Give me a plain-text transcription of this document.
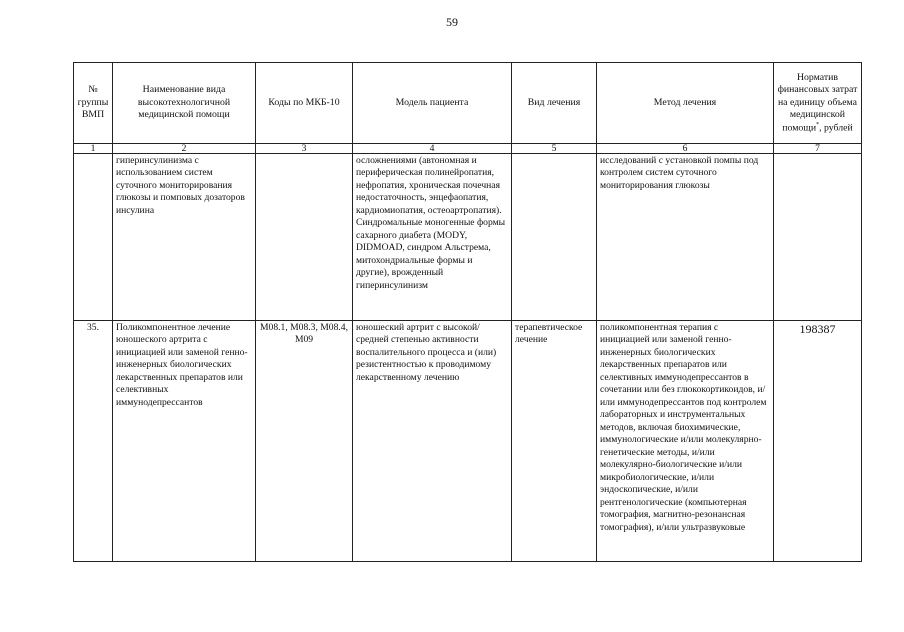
59
№ группы ВМП	Наименование вида высокотехнологичной медицинской помощи	Коды по МКБ-10	Модель пациента	Вид лечения	Метод лечения	Норматив финансовых затрат на единицу объема медицинской помощи*, рублей
1	2	3	4	5	6	7
	гиперинсулинизма с использованием систем суточного мониторирования глюкозы и помповых дозаторов инсулина		осложнениями (автономная и периферическая полинейропатия, нефропатия, хроническая почечная недостаточность, энцефаопатия, кардиомиопатия, остеоартропатия). Синдромальные моногенные формы сахарного диабета (MODY, DIDMOAD, синдром Альстрема, митохондриальные формы и другие), врожденный гиперинсулинизм		исследований с установкой помпы под контролем систем суточного мониторирования глюкозы	
35.	Поликомпонентное лечение юношеского артрита с инициацией или заменой генно-инженерных биологических лекарственных препаратов или селективных иммунодепрессантов	M08.1, M08.3, M08.4, M09	юношеский артрит с высокой/средней степенью активности воспалительного процесса и (или) резистентностью к проводимому лекарственному лечению	терапевтическое лечение	поликомпонентная терапия с инициацией или заменой генно-инженерных биологических лекарственных препаратов или селективных иммунодепрессантов в сочетании или без глюкокортикоидов, и/или иммунодепрессантов под контролем лабораторных и инструментальных методов, включая биохимические, иммунологические и/или молекулярно-генетические методы, и/или молекулярно-биологические и/или микробиологические, и/или эндоскопические, и/или рентгенологические (компьютерная томография, магнитно-резонансная томография), и/или ультразвуковые	198387
